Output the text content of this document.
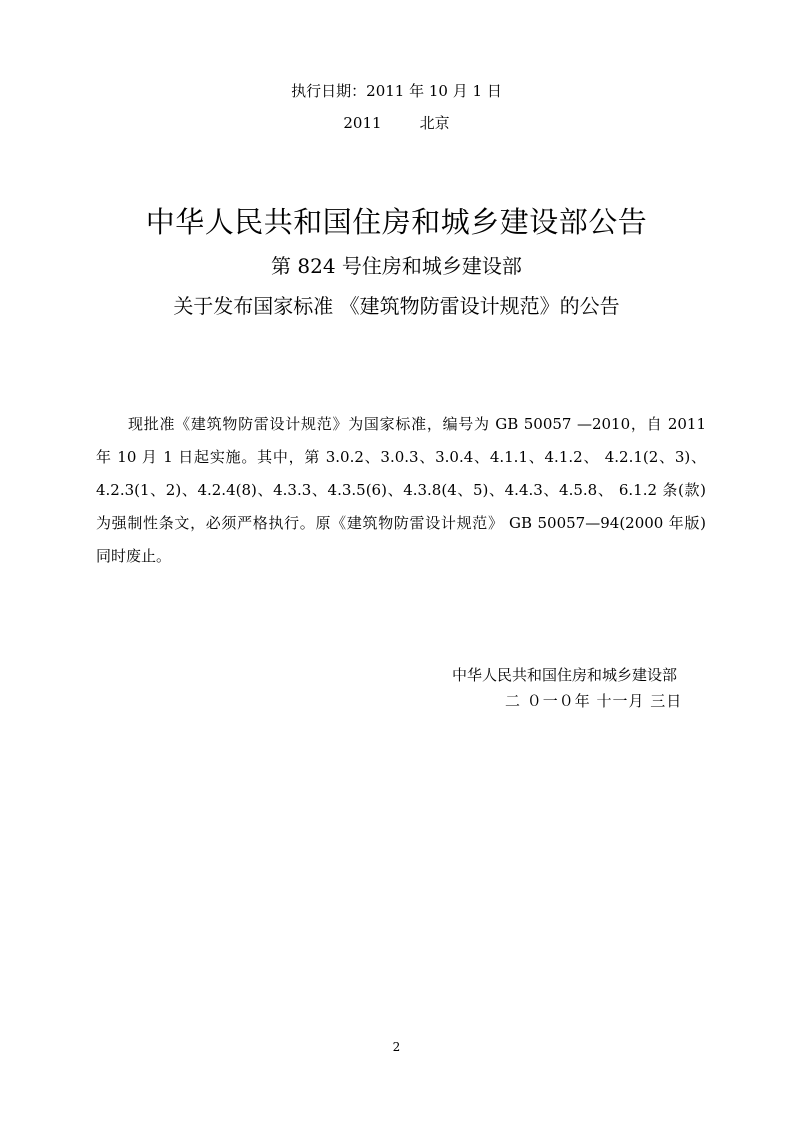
执行日期：2011 年 10 月 1 日
2011	北京
中华人民共和国住房和城乡建设部公告
第 824 号住房和城乡建设部
关于发布国家标准 《建筑物防雷设计规范》的公告

现批准《建筑物防雷设计规范》为国家标准，编号为 GB 50057 —2010，自 2011

年 10 月 1 日起实施。其中，第 3.0.2、3.0.3、3.0.4、4.1.1、4.1.2、 4.2.1(2、3)、

4.2.3(1、2)、4.2.4(8)、4.3.3、4.3.5(6)、4.3.8(4、5)、4.4.3、4.5.8、 6.1.2 条(款)

为强制性条文，必须严格执行。原《建筑物防雷设计规范》 GB 50057—94(2000 年版)

同时废止。

中华人民共和国住房和城乡建设部
二 ０一０年 十一月 三日
2
